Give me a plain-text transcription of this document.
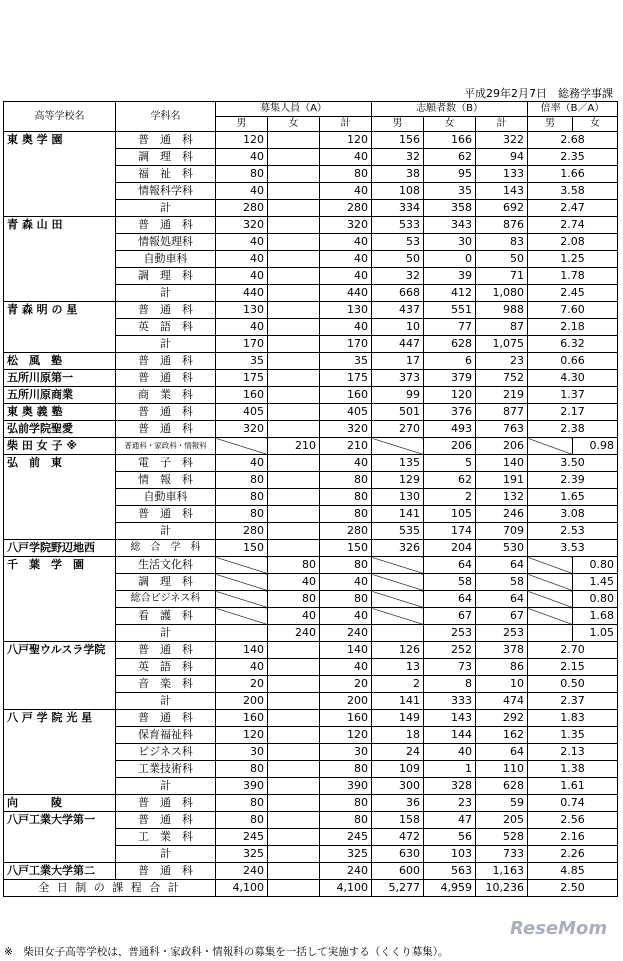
平成29年2月7日　総務学事課
高等学校名	学科名	募集人員（A）			志願者数（B）			倍率（B／A）	
		男	女	計	男	女	計	男	女
東 奥 学 園	普　通　科	120		120	156	166	322	2.68	
	調　理　科	40		40	32	62	94	2.35	
	福　祉　科	80		80	38	95	133	1.66	
	情報科学科	40		40	108	35	143	3.58	
	計	280		280	334	358	692	2.47	
青 森 山 田	普　通　科	320		320	533	343	876	2.74	
	情報処理科	40		40	53	30	83	2.08	
	自動車科	40		40	50	0	50	1.25	
	調　理　科	40		40	32	39	71	1.78	
	計	440		440	668	412	1,080	2.45	
青 森 明 の 星	普　通　科	130		130	437	551	988	7.60	
	英　語　科	40		40	10	77	87	2.18	
	計	170		170	447	628	1,075	6.32	
松　風　塾	普　通　科	35		35	17	6	23	0.66	
五所川原第一	普　通　科	175		175	373	379	752	4.30	
五所川原商業	商　業　科	160		160	99	120	219	1.37	
東 奥 義 塾	普　通　科	405		405	501	376	877	2.17	
弘前学院聖愛	普　通　科	320		320	270	493	763	2.38	
柴 田 女 子 ※	普通科・家政科・情報科		210	210		206	206		0.98
弘　前　東	電　子　科	40		40	135	5	140	3.50	
	情　報　科	80		80	129	62	191	2.39	
	自動車科	80		80	130	2	132	1.65	
	普　通　科	80		80	141	105	246	3.08	
	計	280		280	535	174	709	2.53	
八戸学院野辺地西	総　合　学　科	150		150	326	204	530	3.53	
千　葉　学　園	生活文化科		80	80		64	64		0.80
	調　理　科		40	40		58	58		1.45
	総合ビジネス科		80	80		64	64		0.80
	看　護　科		40	40		67	67		1.68
	計		240	240		253	253		1.05
八戸聖ウルスラ学院	普　通　科	140		140	126	252	378	2.70	
	英　語　科	40		40	13	73	86	2.15	
	音　楽　科	20		20	2	8	10	0.50	
	計	200		200	141	333	474	2.37	
八 戸 学 院 光 星	普　通　科	160		160	149	143	292	1.83	
	保育福祉科	120		120	18	144	162	1.35	
	ビジネス科	30		30	24	40	64	2.13	
	工業技術科	80		80	109	1	110	1.38	
	計	390		390	300	328	628	1.61	
向　　　陵	普　通　科	80		80	36	23	59	0.74	
八戸工業大学第一	普　通　科	80		80	158	47	205	2.56	
	工　業　科	245		245	472	56	528	2.16	
	計	325		325	630	103	733	2.26	
八戸工業大学第二	普　通　科	240		240	600	563	1,163	4.85	
全 日 制 の 課 程 合 計		4,100		4,100	5,277	4,959	10,236	2.50	
※　柴田女子高等学校は、普通科・家政科・情報科の募集を一括して実施する（くくり募集）。
ReseMom
